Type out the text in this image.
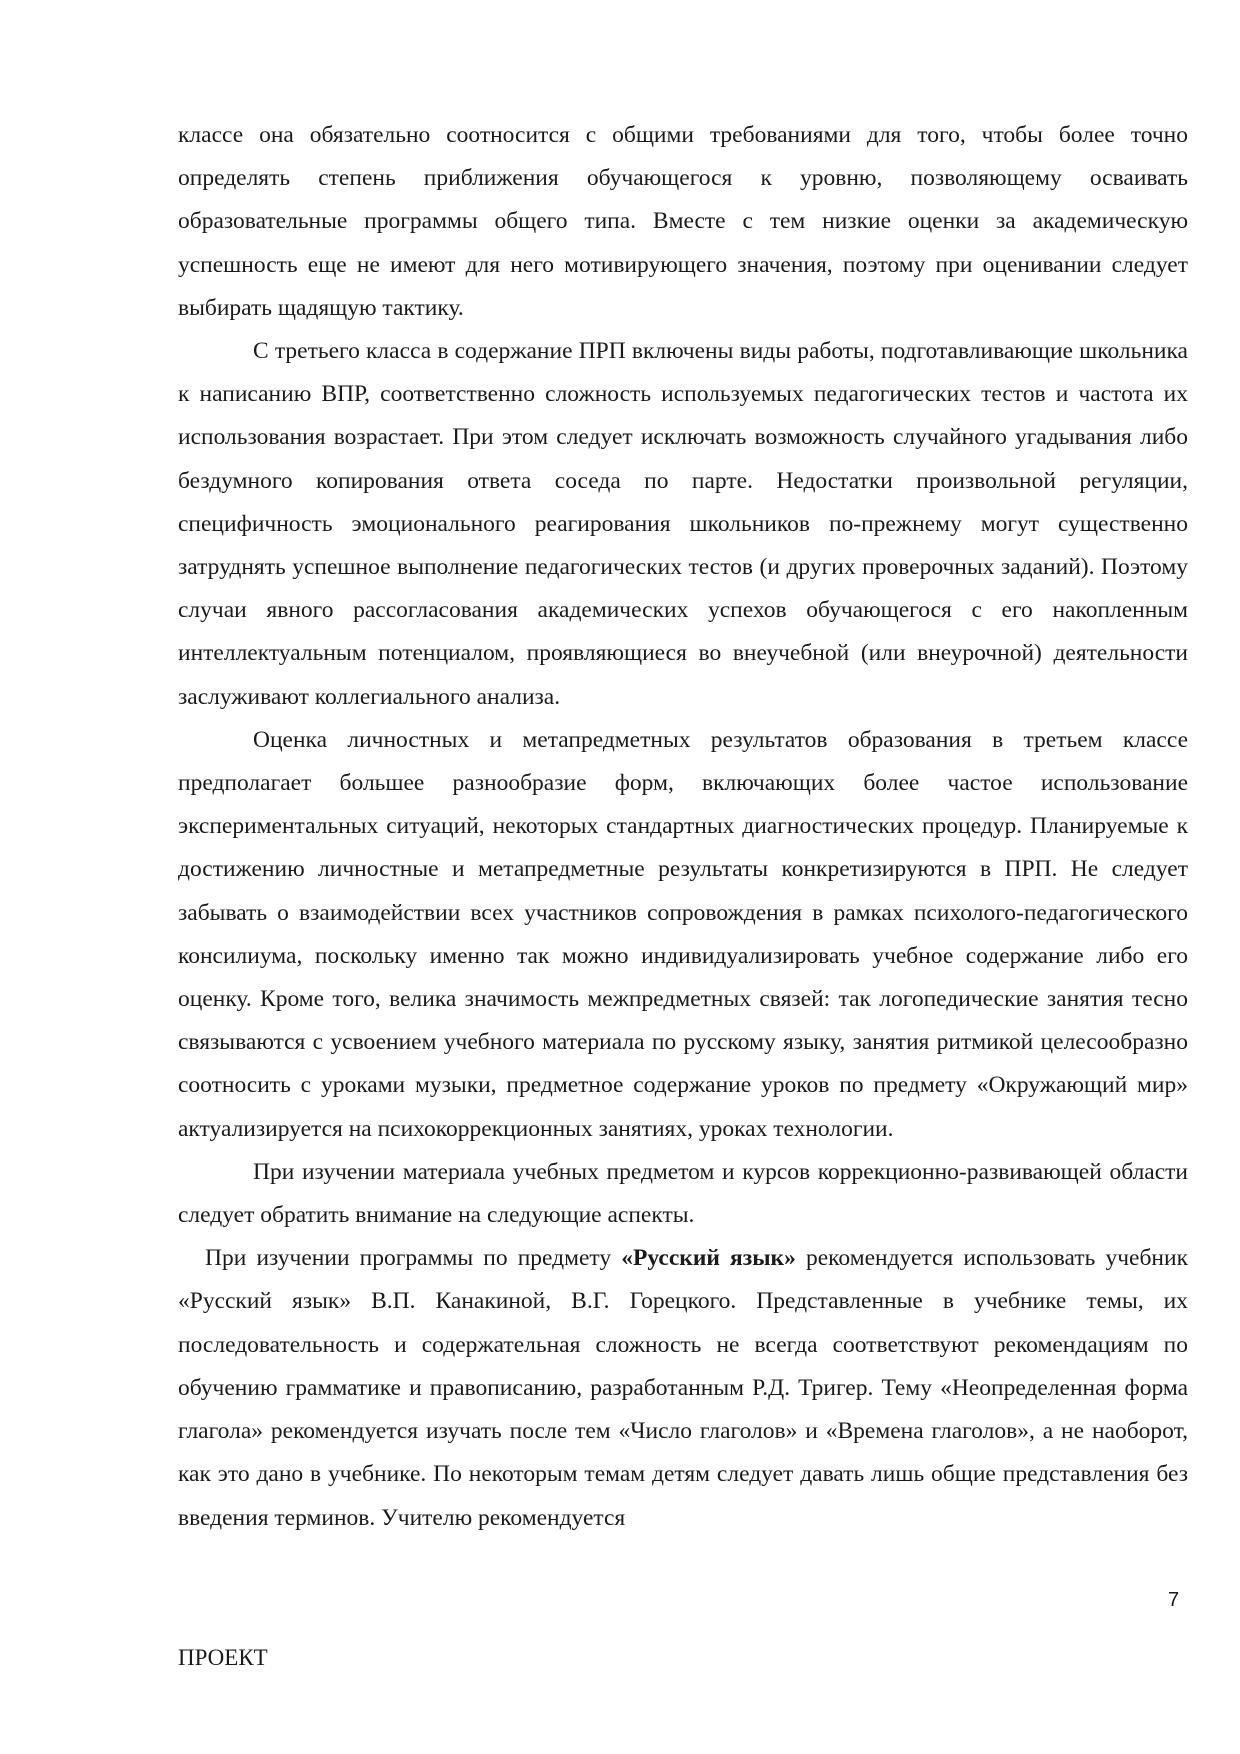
классе она обязательно соотносится с общими требованиями для того, чтобы более точно определять степень приближения обучающегося к уровню, позволяющему осваивать образовательные программы общего типа. Вместе с тем низкие оценки за академическую успешность еще не имеют для него мотивирующего значения, поэтому при оценивании следует выбирать щадящую тактику.

С третьего класса в содержание ПРП включены виды работы, подготавливающие школьника к написанию ВПР, соответственно сложность используемых педагогических тестов и частота их использования возрастает. При этом следует исключать возможность случайного угадывания либо бездумного копирования ответа соседа по парте. Недостатки произвольной регуляции, специфичность эмоционального реагирования школьников по-прежнему могут существенно затруднять успешное выполнение педагогических тестов (и других проверочных заданий). Поэтому случаи явного рассогласования академических успехов обучающегося с его накопленным интеллектуальным потенциалом, проявляющиеся во внеучебной (или внеурочной) деятельности заслуживают коллегиального анализа.

Оценка личностных и метапредметных результатов образования в третьем классе предполагает большее разнообразие форм, включающих более частое использование экспериментальных ситуаций, некоторых стандартных диагностических процедур. Планируемые к достижению личностные и метапредметные результаты конкретизируются в ПРП. Не следует забывать о взаимодействии всех участников сопровождения в рамках психолого-педагогического консилиума, поскольку именно так можно индивидуализировать учебное содержание либо его оценку. Кроме того, велика значимость межпредметных связей: так логопедические занятия тесно связываются с усвоением учебного материала по русскому языку, занятия ритмикой целесообразно соотносить с уроками музыки, предметное содержание уроков по предмету «Окружающий мир» актуализируется на психокоррекционных занятиях, уроках технологии.

При изучении материала учебных предметом и курсов коррекционно-развивающей области следует обратить внимание на следующие аспекты.

При изучении программы по предмету «Русский язык» рекомендуется использовать учебник «Русский язык» В.П. Канакиной, В.Г. Горецкого. Представленные в учебнике темы, их последовательность и содержательная сложность не всегда соответствуют рекомендациям по обучению грамматике и правописанию, разработанным Р.Д. Тригер. Тему «Неопределенная форма глагола» рекомендуется изучать после тем «Число глаголов» и «Времена глаголов», а не наоборот, как это дано в учебнике. По некоторым темам детям следует давать лишь общие представления без введения терминов. Учителю рекомендуется

7
ПРОЕКТ
